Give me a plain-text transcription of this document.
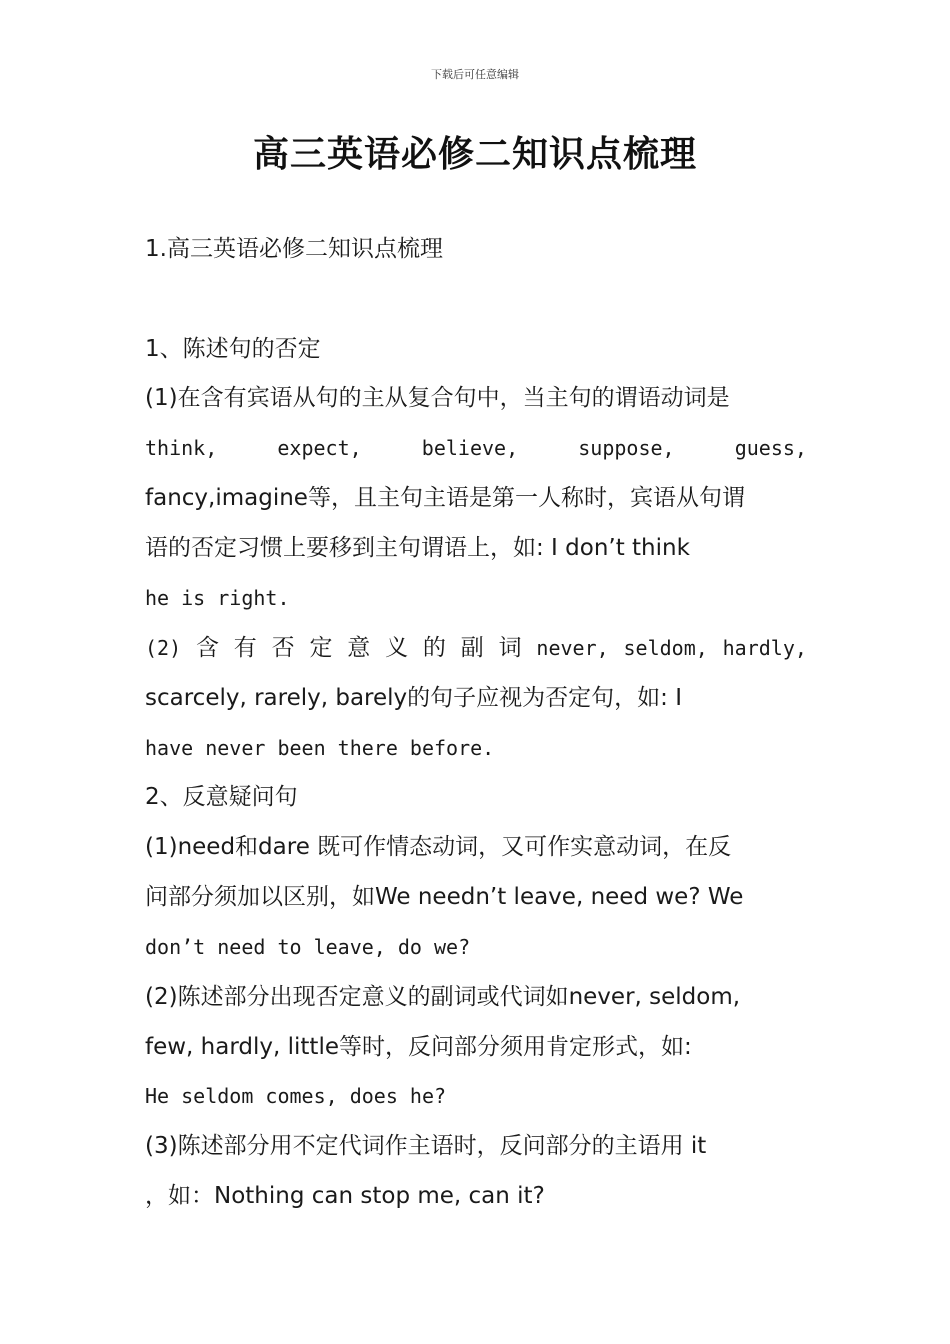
下载后可任意编辑
高三英语必修二知识点梳理
1.高三英语必修二知识点梳理
1、陈述句的否定
(1)在含有宾语从句的主从复合句中，当主句的谓语动词是
think,	expect,	believe,	suppose,	guess,
fancy,imagine等，且主句主语是第一人称时，宾语从句谓
语的否定习惯上要移到主句谓语上，如: I don’t think
he is right.
(2) 含 有 否 定 意 义 的 副 词 never, seldom, hardly,
scarcely, rarely, barely的句子应视为否定句，如: I
have never been there before.
2、反意疑问句
(1)need和dare 既可作情态动词，又可作实意动词，在反
问部分须加以区别，如We needn’t leave, need we? We
don’t need to leave, do we?
(2)陈述部分出现否定意义的副词或代词如never, seldom,
few, hardly, little等时，反问部分须用肯定形式，如:
He seldom comes, does he?
(3)陈述部分用不定代词作主语时，反问部分的主语用 it
，如：Nothing can stop me, can it?
